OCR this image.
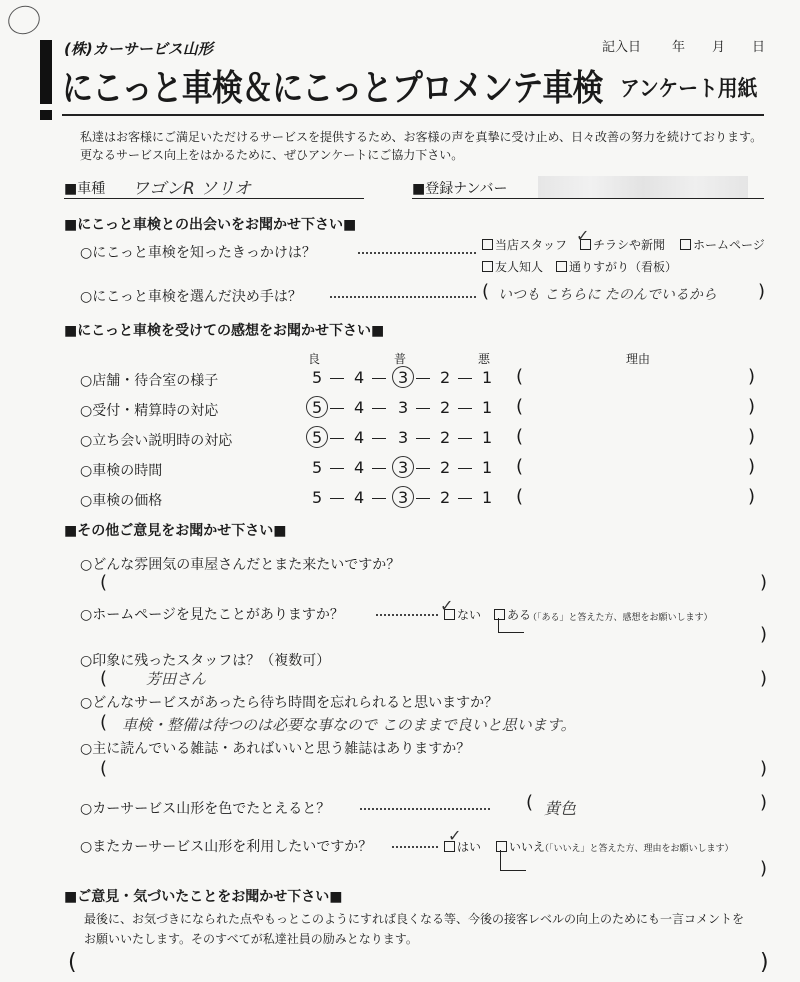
(株)カーサービス山形	記入日 年 月 日
にこっと車検＆にこっとプロメンテ車検 アンケート用紙
私達はお客様にご満足いただけるサービスを提供するため、お客様の声を真摯に受け止め、日々改善の努力を続けております。
更なるサービス向上をはかるために、ぜひアンケートにご協力下さい。
■車種 ワゴンR ソリオ	■登録ナンバー
■にこっと車検との出会いをお聞かせ下さい■
○にこっと車検を知ったきっかけは？	当店スタッフ	チラシや新聞
✓	ホームページ
友人知人	通りすがり（看板）
○にこっと車検を選んだ決め手は？	( いつも こちらに たのんでいるから )
■にこっと車検を受けての感想をお聞かせ下さい■
良	普	悪	理由
○店舗・待合室の様子	5 4 3 2 1 (	)
○受付・精算時の対応	5 4 3 2 1 (	)
○立ち会い説明時の対応	5 4 3 2 1 (	)
○車検の時間	5 4 3 2 1 (	)
○車検の価格	5 4 3 2 1 (	)
■その他ご意見をお聞かせ下さい■
○どんな雰囲気の車屋さんだとまた来たいですか？
(	)
○ホームページを見たことがありますか？	ない
✓	ある
（「ある」と答えた方、感想をお願いします）
)
○印象に残ったスタッフは？（複数可）
(	芳田さん	)
○どんなサービスがあったら待ち時間を忘れられると思いますか？
( 車検・整備は待つのは必要な事なので このままで良いと思います。
○主に読んでいる雑誌・あればいいと思う雑誌はありますか？
(	)
○カーサービス山形を色でたとえると？	( 黄色	)
○またカーサービス山形を利用したいですか？	はい
✓
いいえ
（「いいえ」と答えた方、理由をお願いします）
)
■ご意見・気づいたことをお聞かせ下さい■
最後に、お気づきになられた点やもっとこのようにすれば良くなる等、今後の接客レベルの向上のためにも一言コメントを
お願いいたします。そのすべてが私達社員の励みとなります。
(	)
